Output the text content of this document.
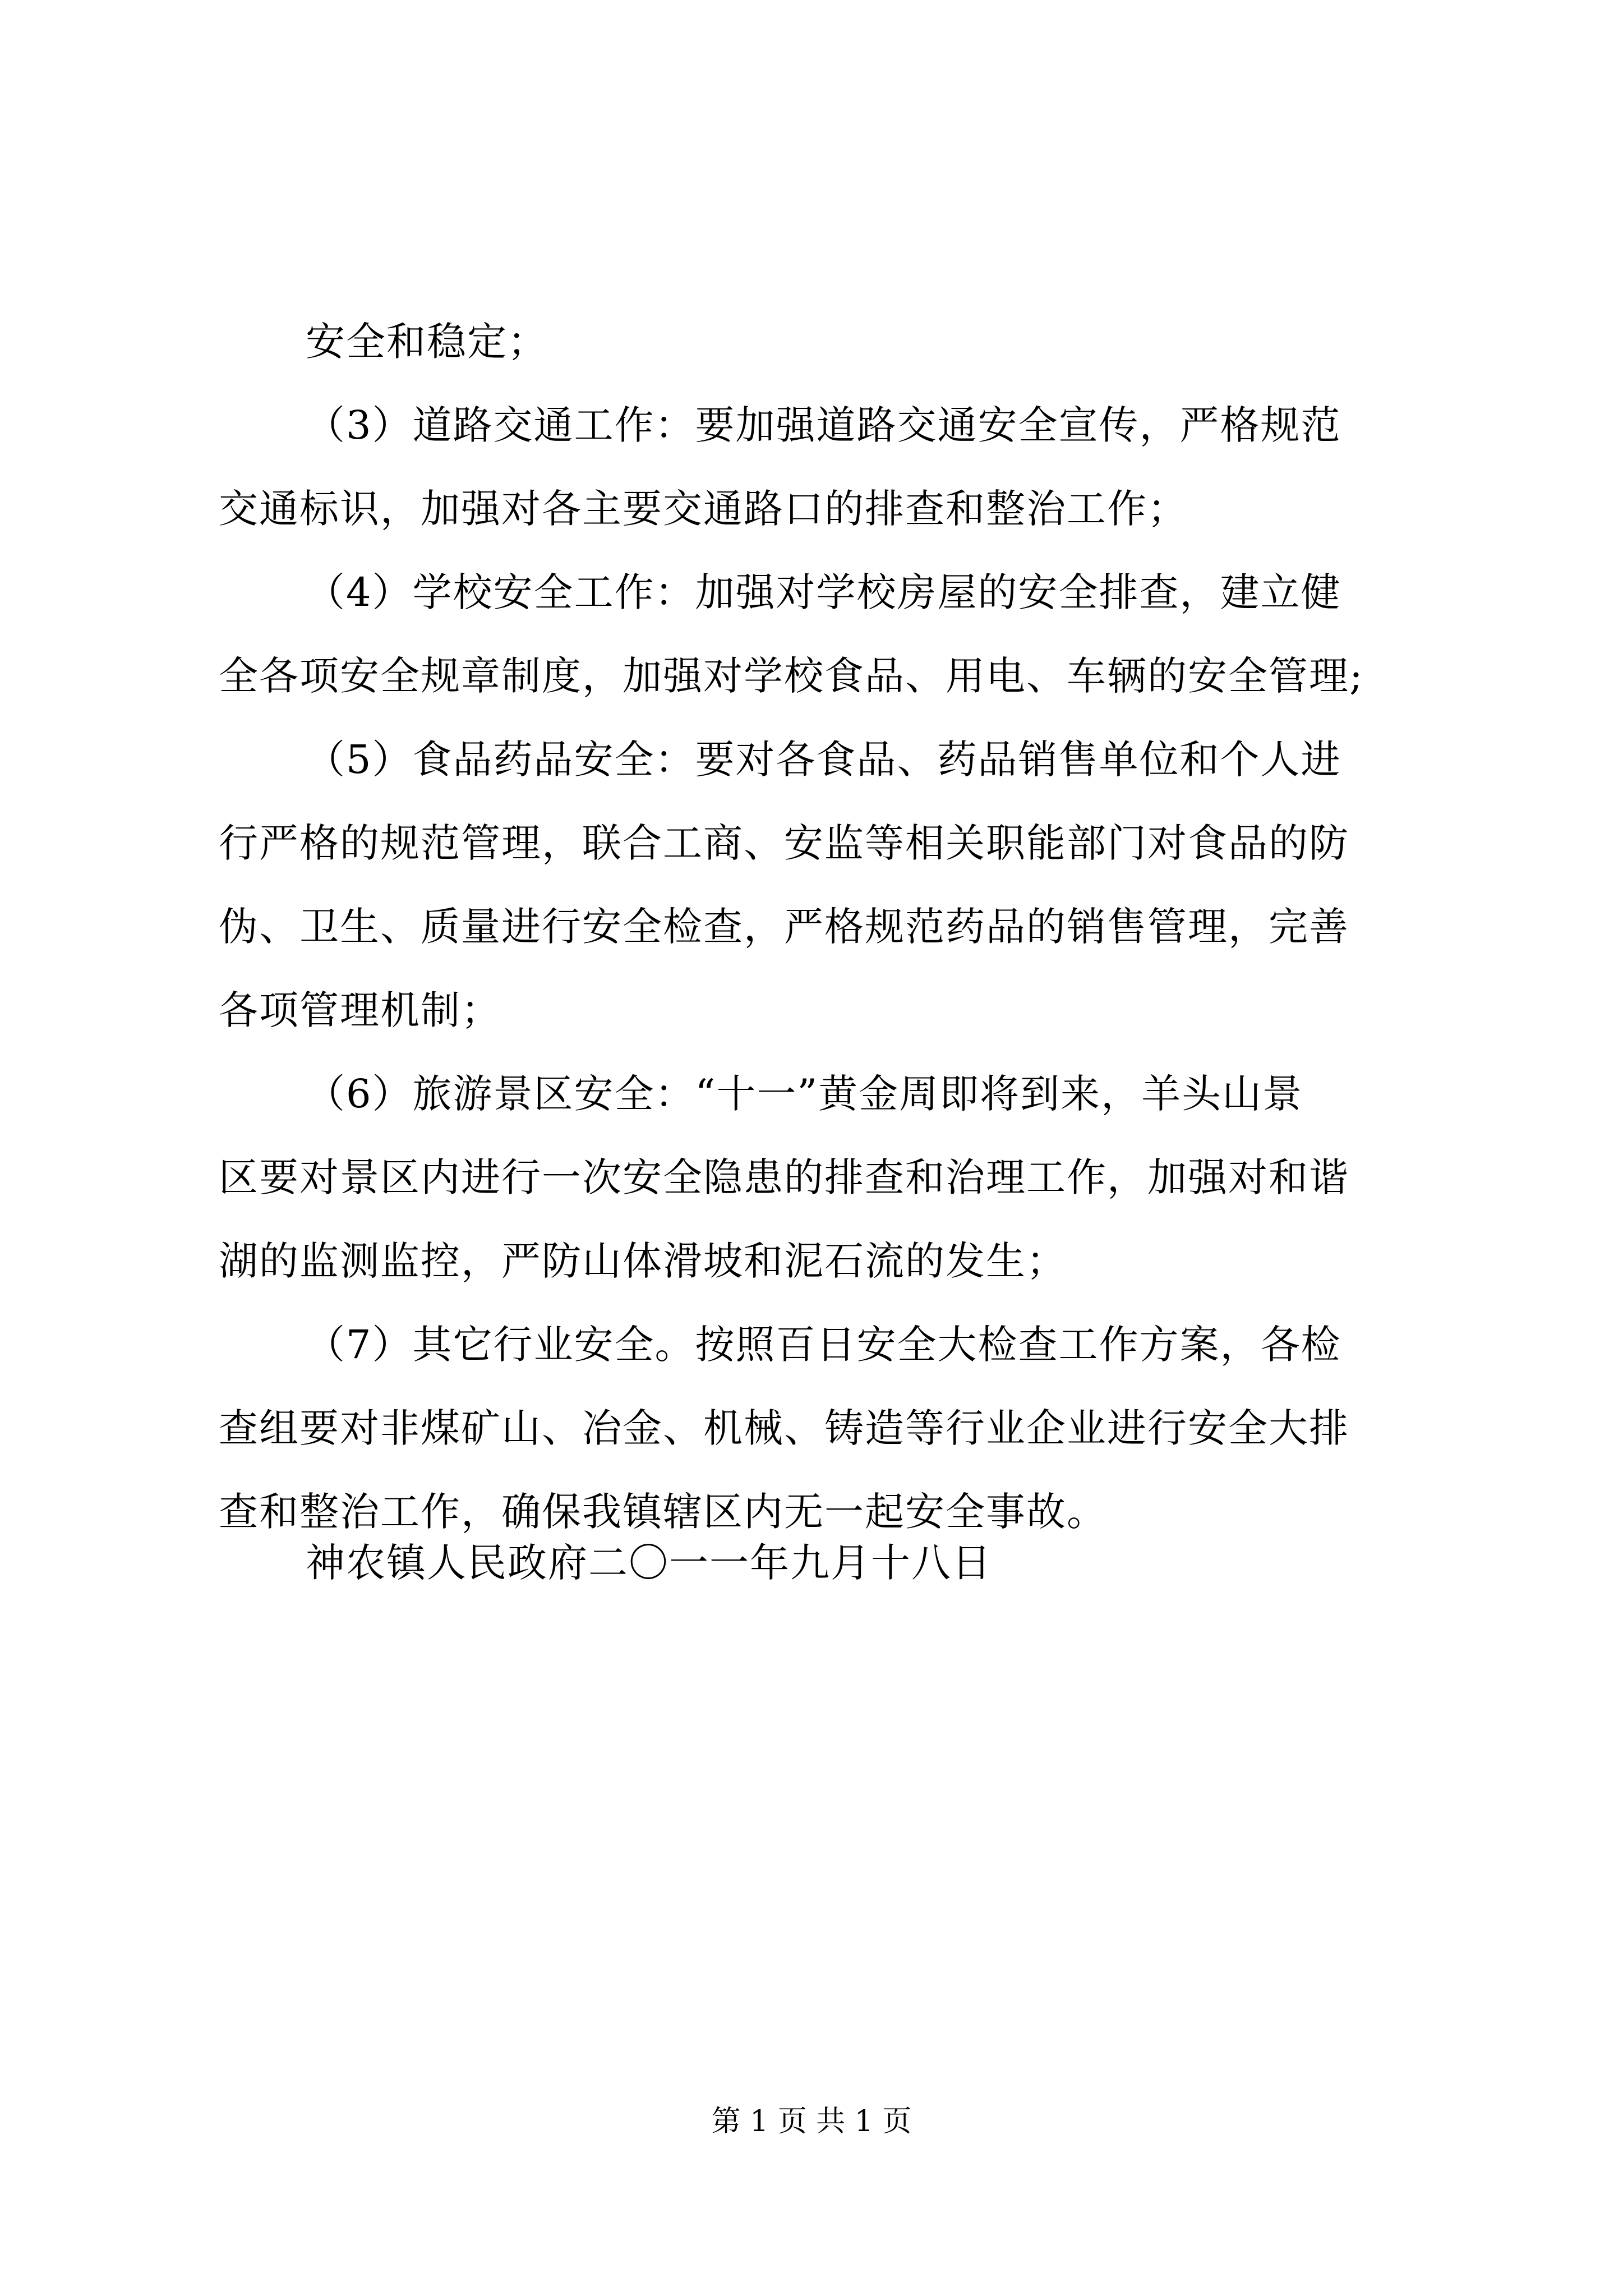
安全和稳定；
（3）道路交通工作：要加强道路交通安全宣传，严格规范
交通标识，加强对各主要交通路口的排查和整治工作；
（4）学校安全工作：加强对学校房屋的安全排查，建立健
全各项安全规章制度，加强对学校食品、用电、车辆的安全管理;
（5）食品药品安全：要对各食品、药品销售单位和个人进
行严格的规范管理，联合工商、安监等相关职能部门对食品的防
伪、卫生、质量进行安全检查，严格规范药品的销售管理，完善
各项管理机制；
（6）旅游景区安全：“十一”黄金周即将到来，羊头山景
区要对景区内进行一次安全隐患的排查和治理工作，加强对和谐
湖的监测监控，严防山体滑坡和泥石流的发生；
（7）其它行业安全。按照百日安全大检查工作方案，各检
查组要对非煤矿山、冶金、机械、铸造等行业企业进行安全大排
查和整治工作，确保我镇辖区内无一起安全事故。
神农镇人民政府二〇一一年九月十八日
第 1 页 共 1 页
